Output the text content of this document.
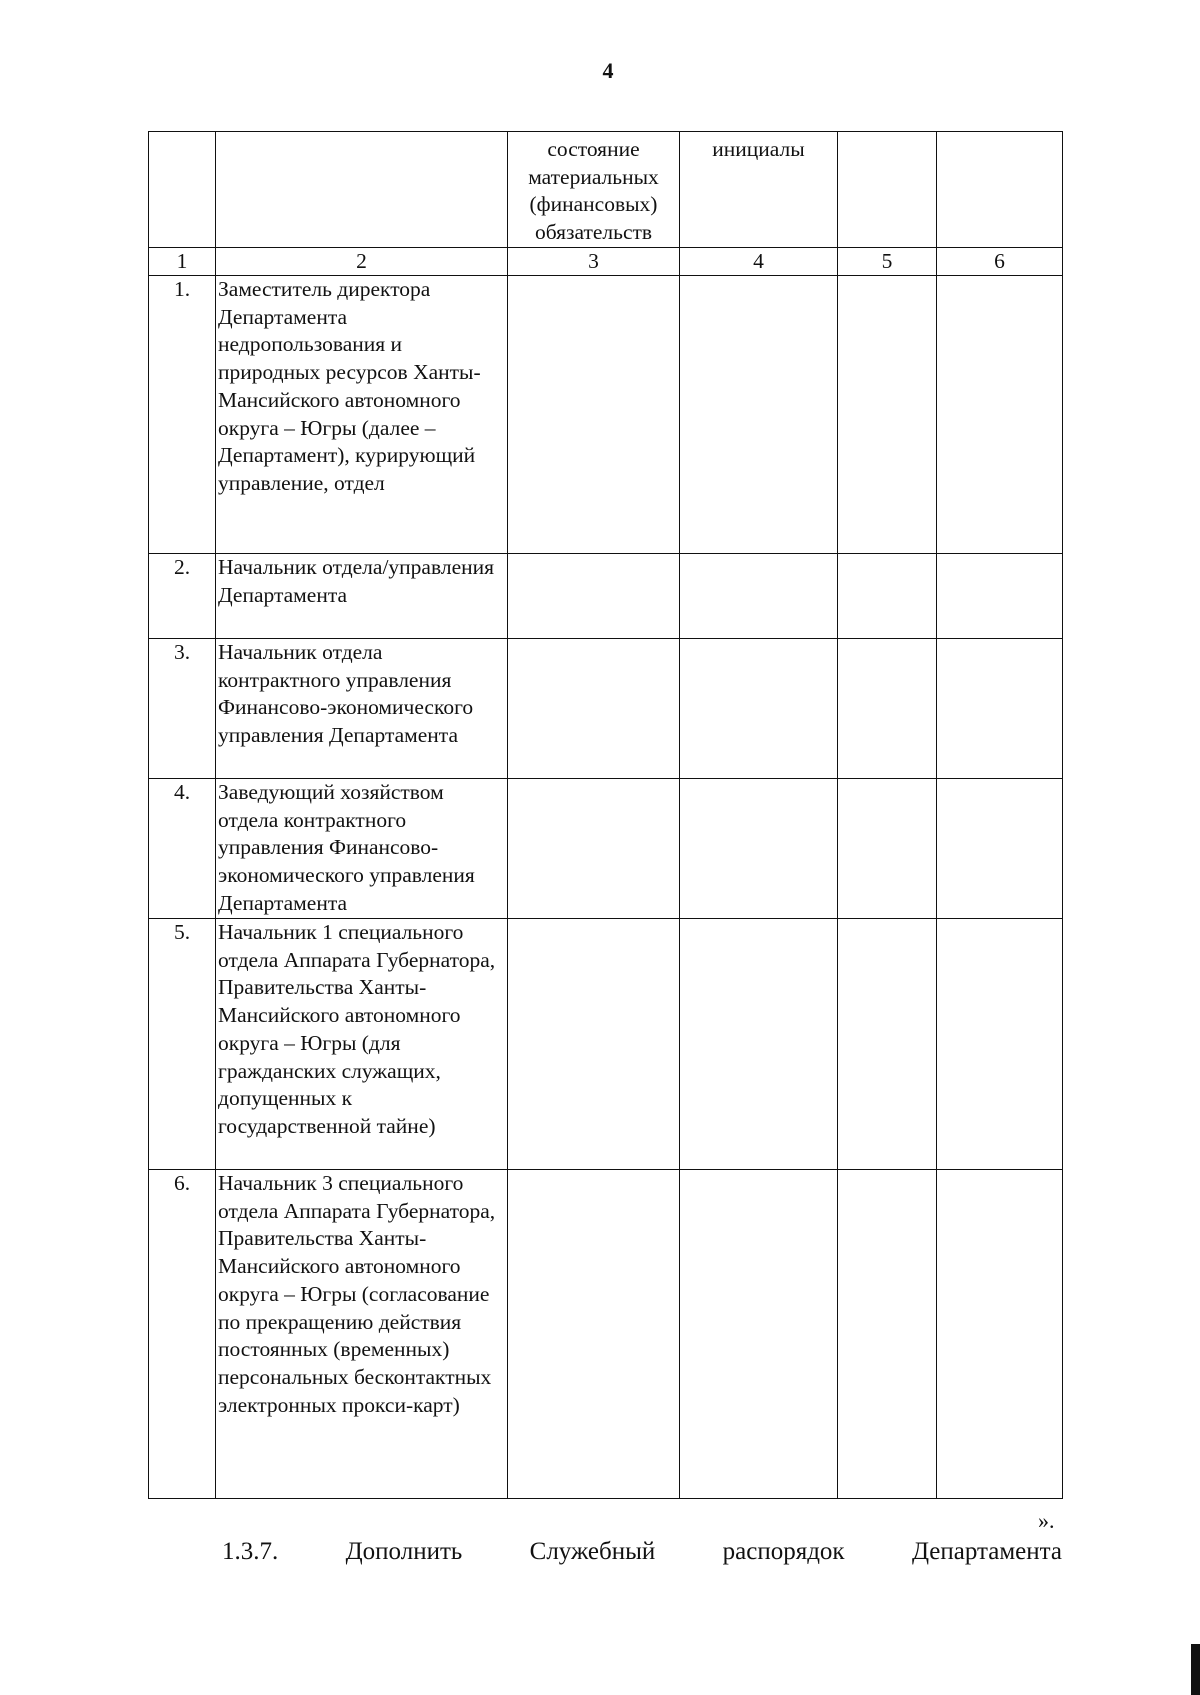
4
		состояние материальных (финансовых) обязательств	инициалы		
1	2	3	4	5	6
1.	Заместитель директора Департамента недропользования и природных ресурсов Ханты-Мансийского автономного округа – Югры (далее – Департамент), курирующий управление, отдел				
2.	Начальник отдела/управления Департамента				
3.	Начальник отдела контрактного управления Финансово-экономического управления Департамента				
4.	Заведующий хозяйством отдела контрактного управления Финансово-экономического управления Департамента				
5.	Начальник 1 специального отдела Аппарата Губернатора, Правительства Ханты-Мансийского автономного округа – Югры (для гражданских служащих, допущенных к государственной тайне)				
6.	Начальник 3 специального отдела Аппарата Губернатора, Правительства Ханты-Мансийского автономного округа – Югры (согласование по прекращению действия постоянных (временных) персональных бесконтактных электронных прокси-карт)				
».
1.3.7.	Дополнить	Служебный	распорядок	Департамента
